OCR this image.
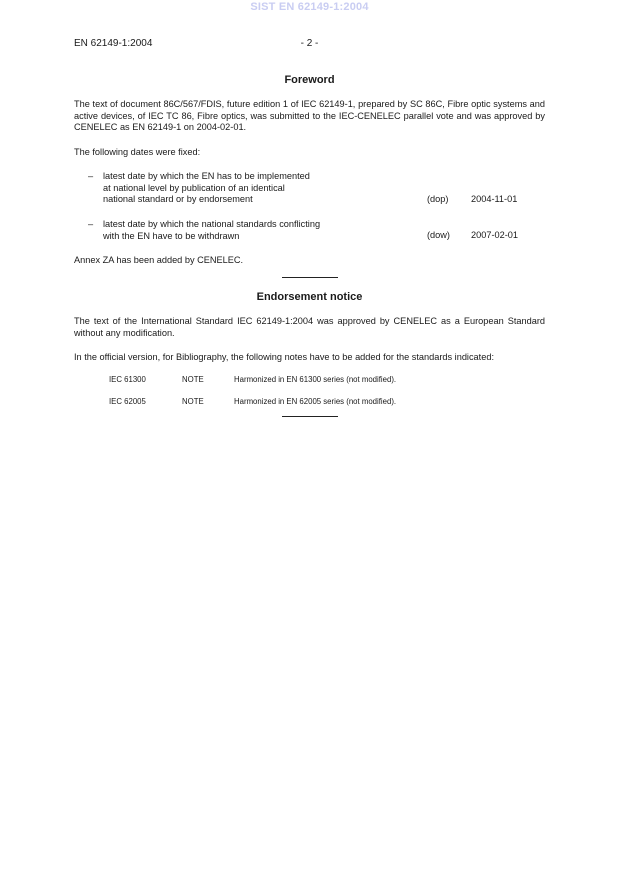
SIST EN 62149-1:2004
EN 62149-1:2004	- 2 -
Foreword
The text of document 86C/567/FDIS, future edition 1 of IEC 62149-1, prepared by SC 86C, Fibre optic systems and active devices, of IEC TC 86, Fibre optics, was submitted to the IEC-CENELEC parallel vote and was approved by CENELEC as EN 62149-1 on 2004-02-01.
The following dates were fixed:
– latest date by which the EN has to be implemented
at national level by publication of an identical
national standard or by endorsement	(dop) 2004-11-01
– latest date by which the national standards conflicting
with the EN have to be withdrawn	(dow) 2007-02-01
Annex ZA has been added by CENELEC.
Endorsement notice
The text of the International Standard IEC 62149-1:2004 was approved by CENELEC as a European Standard without any modification.
In the official version, for Bibliography, the following notes have to be added for the standards indicated:
IEC 61300	NOTE	Harmonized in EN 61300 series (not modified).
IEC 62005	NOTE	Harmonized in EN 62005 series (not modified).
